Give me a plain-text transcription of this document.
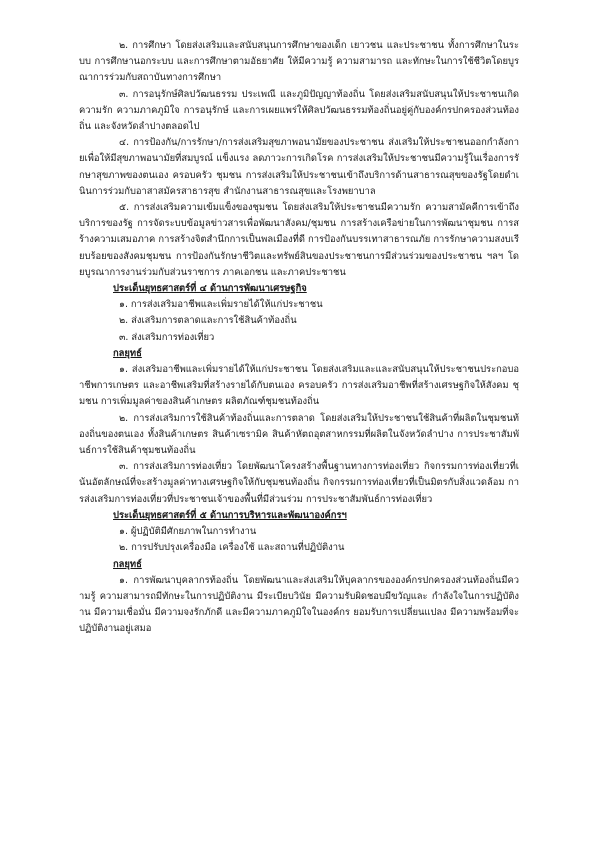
๒. การศึกษา โดยส่งเสริมและสนับสนุนการศึกษาของเด็ก เยาวชน และประชาชน ทั้งการศึกษาในระบบ การศึกษานอกระบบ และการศึกษาตามอัธยาศัย ให้มีความรู้ ความสามารถ และทักษะในการใช้ชีวิตโดยบูรณาการร่วมกับสถาบันทางการศึกษา

๓. การอนุรักษ์ศิลปวัฒนธรรม ประเพณี และภูมิปัญญาท้องถิ่น โดยส่งเสริมสนับสนุนให้ประชาชนเกิดความรัก ความภาคภูมิใจ การอนุรักษ์ และการเผยแพร่ให้ศิลปวัฒนธรรมท้องถิ่นอยู่คู่กับองค์กรปกครองส่วนท้องถิ่น และจังหวัดลำปางตลอดไป

๔. การป้องกัน/การรักษา/การส่งเสริมสุขภาพอนามัยของประชาชน ส่งเสริมให้ประชาชนออกกำลังกายเพื่อให้มีสุขภาพอนามัยที่สมบูรณ์ แข็งแรง ลดภาวะการเกิดโรค การส่งเสริมให้ประชาชนมีความรู้ในเรื่องการรักษาสุขภาพของตนเอง ครอบครัว ชุมชน การส่งเสริมให้ประชาชนเข้าถึงบริการด้านสาธารณสุขของรัฐโดยดำเนินการร่วมกับอาสาสมัครสาธารสุข สำนักงานสาธารณสุขและโรงพยาบาล

๕. การส่งเสริมความเข้มแข็งของชุมชน โดยส่งเสริมให้ประชาชนมีความรัก ความสามัคคีการเข้าถึงบริการของรัฐ การจัดระบบข้อมูลข่าวสารเพื่อพัฒนาสังคม/ชุมชน การสร้างเครือข่ายในการพัฒนาชุมชน การสร้างความเสมอภาค การสร้างจิตสำนึกการเป็นพลเมืองที่ดี การป้องกันบรรเทาสาธารณภัย การรักษาความสงบเรียบร้อยของสังคมชุมชน การป้องกันรักษาชีวิตและทรัพย์สินของประชาชนการมีส่วนร่วมของประชาชน ฯลฯ โดยบูรณาการงานร่วมกับส่วนราชการ ภาคเอกชน และภาคประชาชน

ประเด็นยุทธศาสตร์ที่ ๔ ด้านการพัฒนาเศรษฐกิจ

๑. การส่งเสริมอาชีพและเพิ่มรายได้ให้แก่ประชาชน

๒. ส่งเสริมการตลาดและการใช้สินค้าท้องถิ่น

๓. ส่งเสริมการท่องเที่ยว

กลยุทธ์

๑. ส่งเสริมอาชีพและเพิ่มรายได้ให้แก่ประชาชน โดยส่งเสริมและและสนับสนุนให้ประชาชนประกอบอาชีพการเกษตร และอาชีพเสริมที่สร้างรายได้กับตนเอง ครอบครัว การส่งเสริมอาชีพที่สร้างเศรษฐกิจให้สังคม ชุมชน การเพิ่มมูลค่าของสินค้าเกษตร ผลิตภัณฑ์ชุมชนท้องถิ่น

๒. การส่งเสริมการใช้สินค้าท้องถิ่นและการตลาด โดยส่งเสริมให้ประชาชนใช้สินค้าที่ผลิตในชุมชนท้องถิ่นของตนเอง ทั้งสินค้าเกษตร สินค้าเซรามิค สินค้าหัตถอุตสาหกรรมที่ผลิตในจังหวัดลำปาง การประชาสัมพันธ์การใช้สินค้าชุมชนท้องถิ่น

๓. การส่งเสริมการท่องเที่ยว โดยพัฒนาโครงสร้างพื้นฐานทางการท่องเที่ยว กิจกรรมการท่องเที่ยวที่เน้นอัตลักษณ์ที่จะสร้างมูลค่าทางเศรษฐกิจให้กับชุมชนท้องถิ่น กิจกรรมการท่องเที่ยวที่เป็นมิตรกับสิ่งแวดล้อม การส่งเสริมการท่องเที่ยวที่ประชาชนเจ้าของพื้นที่มีส่วนร่วม การประชาสัมพันธ์การท่องเที่ยว

ประเด็นยุทธศาสตร์ที่ ๕ ด้านการบริหารและพัฒนาองค์กรฯ

๑. ผู้ปฏิบัติมีศักยภาพในการทำงาน

๒. การปรับปรุงเครื่องมือ เครื่องใช้ และสถานที่ปฏิบัติงาน

กลยุทธ์

๑. การพัฒนาบุคลากรท้องถิ่น โดยพัฒนาและส่งเสริมให้บุคลากรขององค์กรปกครองส่วนท้องถิ่นมีความรู้ ความสามารถมีทักษะในการปฏิบัติงาน มีระเบียบวินัย มีความรับผิดชอบมีขวัญและ กำลังใจในการปฏิบัติงาน มีความเชื่อมั่น มีความจงรักภักดี และมีความภาคภูมิใจในองค์กร ยอมรับการเปลี่ยนแปลง มีความพร้อมที่จะปฏิบัติงานอยู่เสมอ
